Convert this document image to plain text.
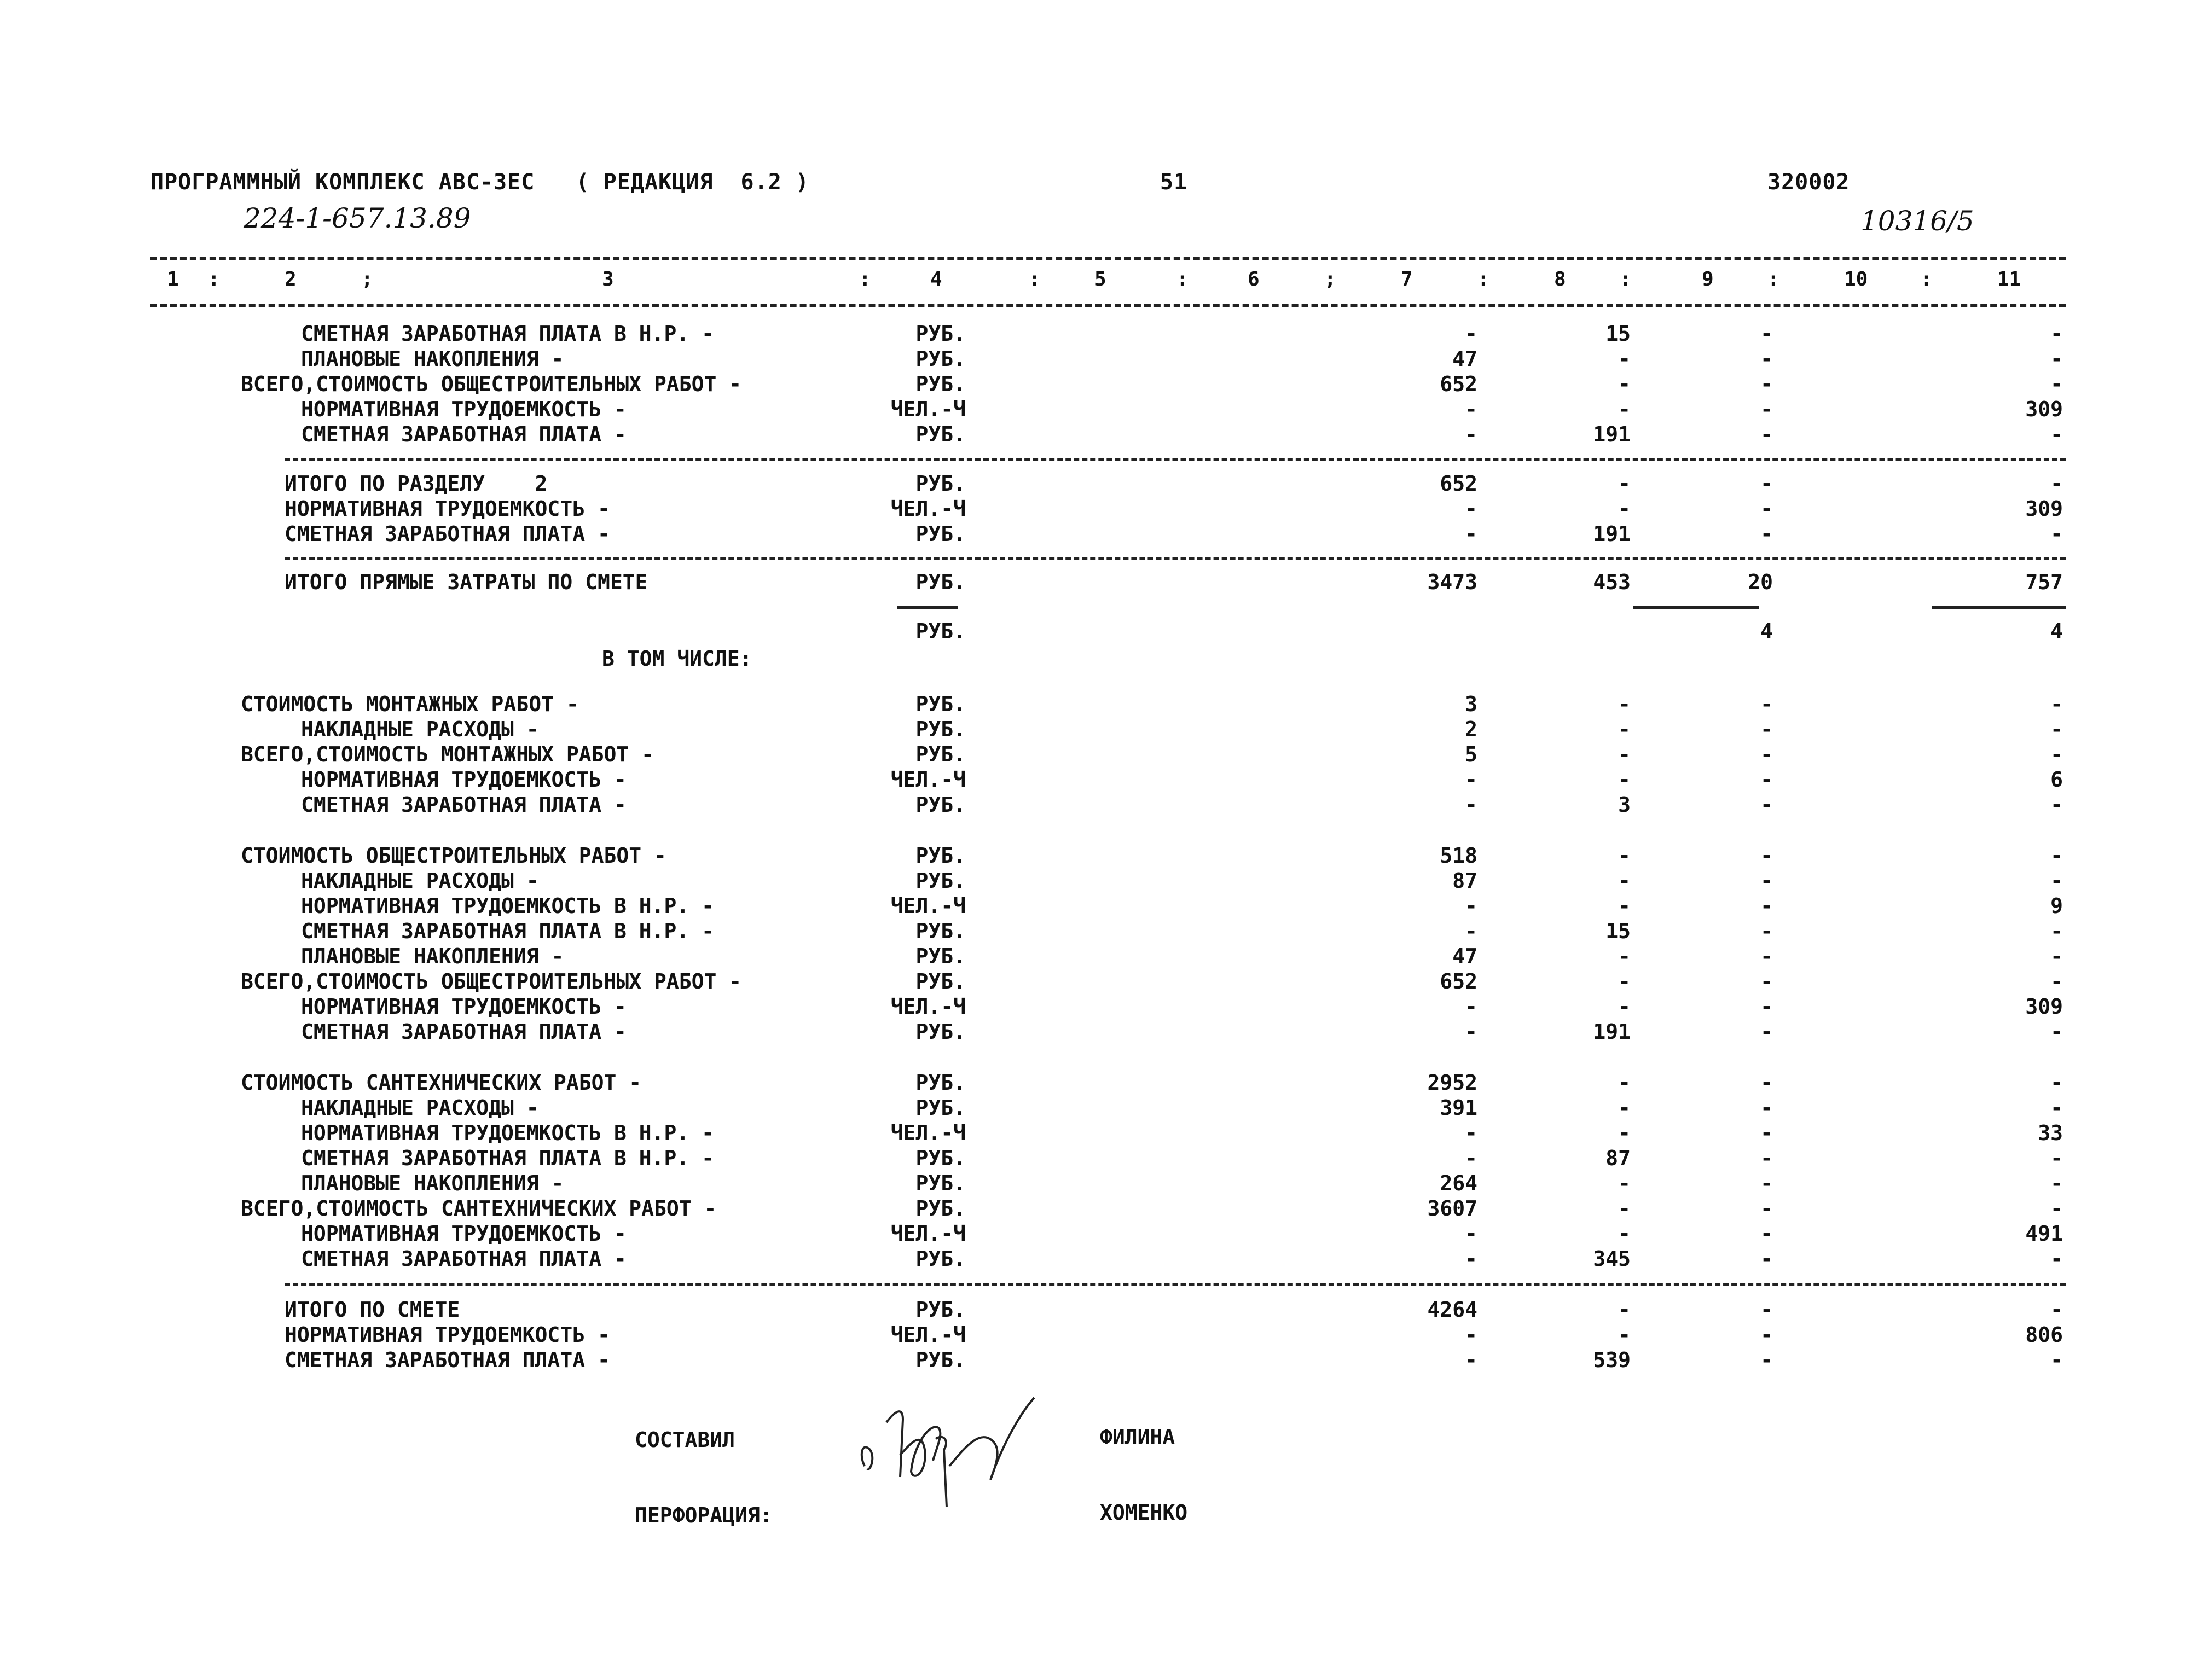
ПРОГРАММНЫЙ КОМПЛЕКС АВС-ЗЕС   ( РЕДАКЦИЯ  6.2 )	51	320002
224-1-657.13.89	10316/5
1	2	3	4	5	6	7	8	9	10	11
:	;	:	:	:	;	:	:	:	:
СМЕТНАЯ ЗАРАБОТНАЯ ПЛАТА В Н.Р. -	РУБ.	-	15	-	-
ПЛАНОВЫЕ НАКОПЛЕНИЯ -	РУБ.	47	-	-	-
ВСЕГО,СТОИМОСТЬ ОБЩЕСТРОИТЕЛЬНЫХ РАБОТ -	РУБ.	652	-	-	-
НОРМАТИВНАЯ ТРУДОЕМКОСТЬ -	ЧЕЛ.-Ч	-	-	-	309
СМЕТНАЯ ЗАРАБОТНАЯ ПЛАТА -	РУБ.	-	191	-	-
ИТОГО ПО РАЗДЕЛУ    2	РУБ.	652	-	-	-
НОРМАТИВНАЯ ТРУДОЕМКОСТЬ -	ЧЕЛ.-Ч	-	-	-	309
СМЕТНАЯ ЗАРАБОТНАЯ ПЛАТА -	РУБ.	-	191	-	-
ИТОГО ПРЯМЫЕ ЗАТРАТЫ ПО СМЕТЕ	РУБ.	3473	453	20	757
РУБ.	4	4
В ТОМ ЧИСЛЕ:
СТОИМОСТЬ МОНТАЖНЫХ РАБОТ -	РУБ.	3	-	-	-
НАКЛАДНЫЕ РАСХОДЫ -	РУБ.	2	-	-	-
ВСЕГО,СТОИМОСТЬ МОНТАЖНЫХ РАБОТ -	РУБ.	5	-	-	-
НОРМАТИВНАЯ ТРУДОЕМКОСТЬ -	ЧЕЛ.-Ч	-	-	-	6
СМЕТНАЯ ЗАРАБОТНАЯ ПЛАТА -	РУБ.	-	3	-	-
СТОИМОСТЬ ОБЩЕСТРОИТЕЛЬНЫХ РАБОТ -	РУБ.	518	-	-	-
НАКЛАДНЫЕ РАСХОДЫ -	РУБ.	87	-	-	-
НОРМАТИВНАЯ ТРУДОЕМКОСТЬ В Н.Р. -	ЧЕЛ.-Ч	-	-	-	9
СМЕТНАЯ ЗАРАБОТНАЯ ПЛАТА В Н.Р. -	РУБ.	-	15	-	-
ПЛАНОВЫЕ НАКОПЛЕНИЯ -	РУБ.	47	-	-	-
ВСЕГО,СТОИМОСТЬ ОБЩЕСТРОИТЕЛЬНЫХ РАБОТ -	РУБ.	652	-	-	-
НОРМАТИВНАЯ ТРУДОЕМКОСТЬ -	ЧЕЛ.-Ч	-	-	-	309
СМЕТНАЯ ЗАРАБОТНАЯ ПЛАТА -	РУБ.	-	191	-	-
СТОИМОСТЬ САНТЕХНИЧЕСКИХ РАБОТ -	РУБ.	2952	-	-	-
НАКЛАДНЫЕ РАСХОДЫ -	РУБ.	391	-	-	-
НОРМАТИВНАЯ ТРУДОЕМКОСТЬ В Н.Р. -	ЧЕЛ.-Ч	-	-	-	33
СМЕТНАЯ ЗАРАБОТНАЯ ПЛАТА В Н.Р. -	РУБ.	-	87	-	-
ПЛАНОВЫЕ НАКОПЛЕНИЯ -	РУБ.	264	-	-	-
ВСЕГО,СТОИМОСТЬ САНТЕХНИЧЕСКИХ РАБОТ -	РУБ.	3607	-	-	-
НОРМАТИВНАЯ ТРУДОЕМКОСТЬ -	ЧЕЛ.-Ч	-	-	-	491
СМЕТНАЯ ЗАРАБОТНАЯ ПЛАТА -	РУБ.	-	345	-	-
ИТОГО ПО СМЕТЕ	РУБ.	4264	-	-	-
НОРМАТИВНАЯ ТРУДОЕМКОСТЬ -	ЧЕЛ.-Ч	-	-	-	806
СМЕТНАЯ ЗАРАБОТНАЯ ПЛАТА -	РУБ.	-	539	-	-
СОСТАВИЛ	ФИЛИНА
ПЕРФОРАЦИЯ:	ХОМЕНКО
